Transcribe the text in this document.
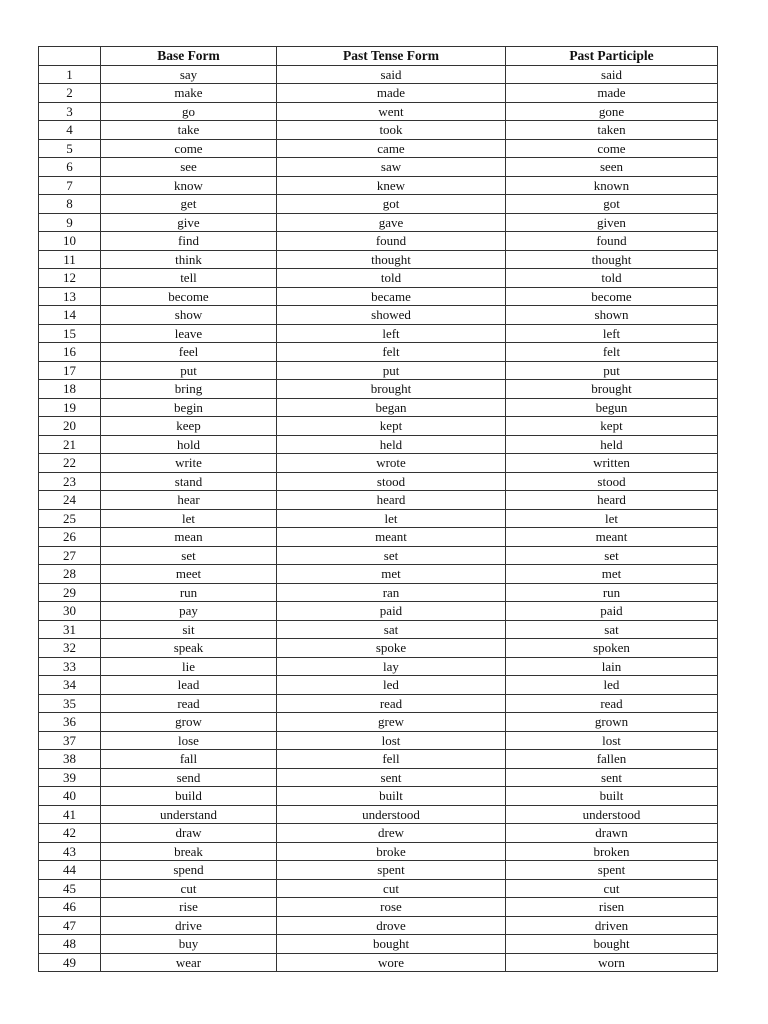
	Base Form	Past Tense Form	Past Participle
1	say	said	said
2	make	made	made
3	go	went	gone
4	take	took	taken
5	come	came	come
6	see	saw	seen
7	know	knew	known
8	get	got	got
9	give	gave	given
10	find	found	found
11	think	thought	thought
12	tell	told	told
13	become	became	become
14	show	showed	shown
15	leave	left	left
16	feel	felt	felt
17	put	put	put
18	bring	brought	brought
19	begin	began	begun
20	keep	kept	kept
21	hold	held	held
22	write	wrote	written
23	stand	stood	stood
24	hear	heard	heard
25	let	let	let
26	mean	meant	meant
27	set	set	set
28	meet	met	met
29	run	ran	run
30	pay	paid	paid
31	sit	sat	sat
32	speak	spoke	spoken
33	lie	lay	lain
34	lead	led	led
35	read	read	read
36	grow	grew	grown
37	lose	lost	lost
38	fall	fell	fallen
39	send	sent	sent
40	build	built	built
41	understand	understood	understood
42	draw	drew	drawn
43	break	broke	broken
44	spend	spent	spent
45	cut	cut	cut
46	rise	rose	risen
47	drive	drove	driven
48	buy	bought	bought
49	wear	wore	worn
